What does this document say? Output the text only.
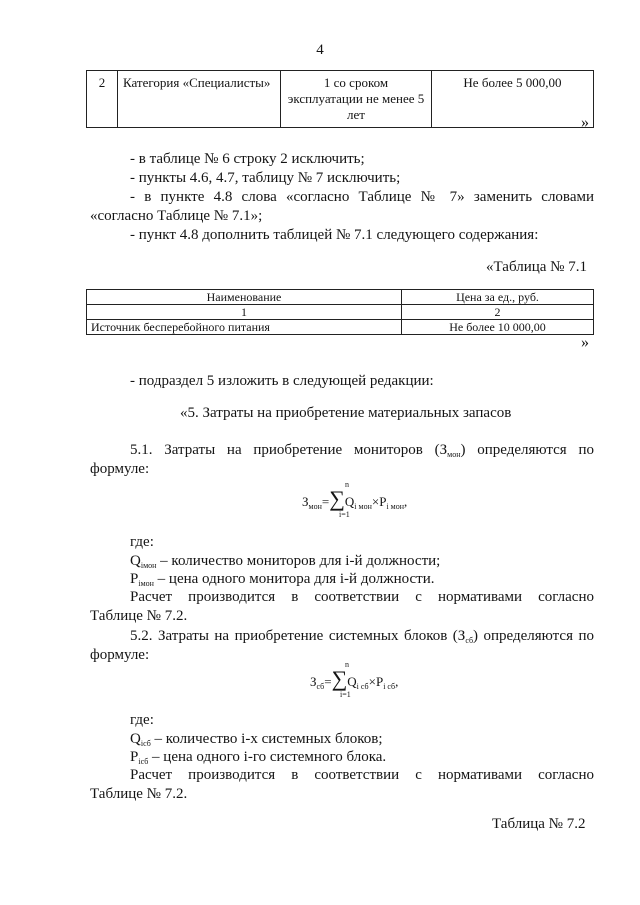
4
2	Категория «Специалисты»	1 со сроком эксплуатации не менее 5 лет	Не более 5 000,00
»
- в таблице № 6 строку 2 исключить;
- пункты 4.6, 4.7, таблицу № 7 исключить;
- в пункте 4.8 слова «согласно Таблице № 7» заменить словами
«согласно Таблице № 7.1»;
- пункт 4.8 дополнить таблицей № 7.1 следующего содержания:
«Таблица № 7.1
Наименование	Цена за ед., руб.
1	2
Источник бесперебойного питания	Не более 10 000,00
»
- подраздел 5 изложить в следующей редакции:
«5. Затраты на приобретение материальных запасов
5.1. Затраты на приобретение мониторов $(З_{мон})$ определяются по
формуле:
n
$З_{мон}=\sum Q_{i мон}\times P_{i мон}$,
i=1
где:
$Q_{iмон}$ – количество мониторов для i-й должности;
$P_{iмон}$ – цена одного монитора для i-й должности.
Расчет производится в соответствии с нормативами согласно
Таблице № 7.2.
5.2. Затраты на приобретение системных блоков $(З_{сб})$ определяются по
формуле:
n
$З_{сб}=\sum Q_{i сб}\times P_{i сб}$,
i=1
где:
$Q_{iсб}$ – количество i-х системных блоков;
$P_{iсб}$ – цена одного i-го системного блока.
Расчет производится в соответствии с нормативами согласно
Таблице № 7.2.
Таблица № 7.2
